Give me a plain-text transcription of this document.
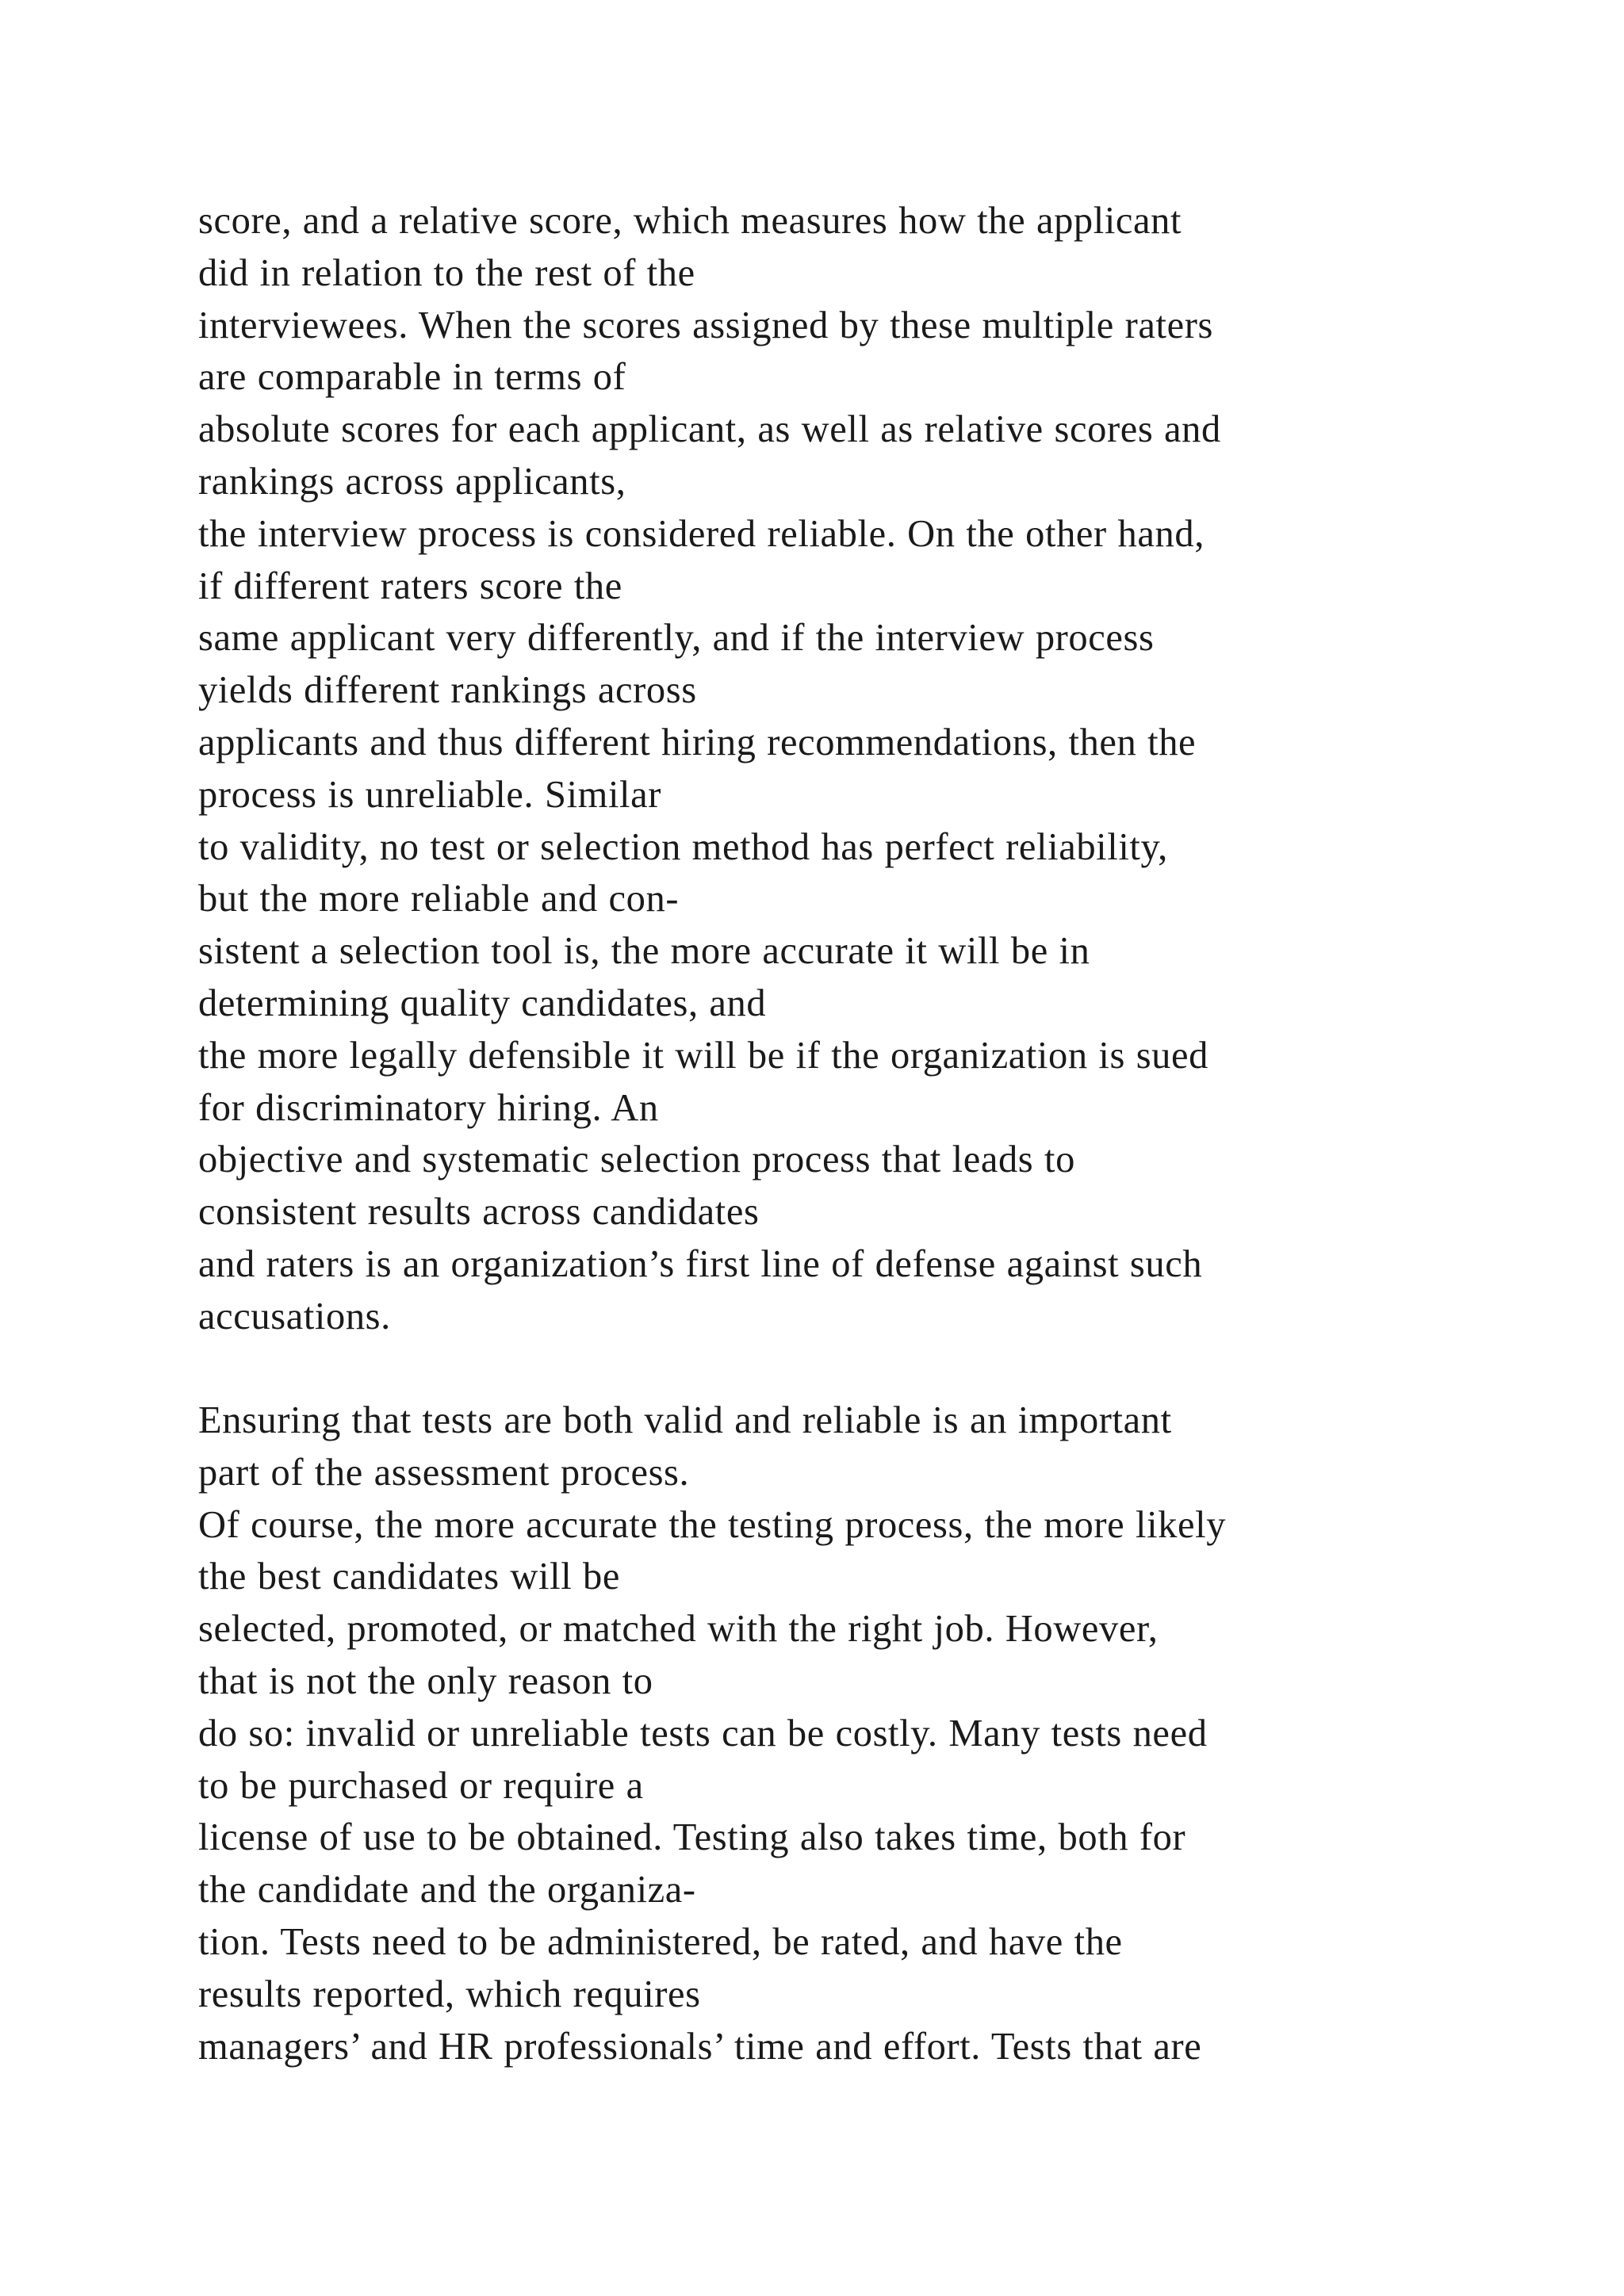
score, and a relative score, which measures how the applicant
did in relation to the rest of the
interviewees. When the scores assigned by these multiple raters
are comparable in terms of
absolute scores for each applicant, as well as relative scores and
rankings across applicants,
the interview process is considered reliable. On the other hand,
if different raters score the
same applicant very differently, and if the interview process
yields different rankings across
applicants and thus different hiring recommendations, then the
process is unreliable. Similar
to validity, no test or selection method has perfect reliability,
but the more reliable and con-
sistent a selection tool is, the more accurate it will be in
determining quality candidates, and
the more legally defensible it will be if the organization is sued
for discriminatory hiring. An
objective and systematic selection process that leads to
consistent results across candidates
and raters is an organization’s first line of defense against such
accusations.
Ensuring that tests are both valid and reliable is an important
part of the assessment process.
Of course, the more accurate the testing process, the more likely
the best candidates will be
selected, promoted, or matched with the right job. However,
that is not the only reason to
do so: invalid or unreliable tests can be costly. Many tests need
to be purchased or require a
license of use to be obtained. Testing also takes time, both for
the candidate and the organiza-
tion. Tests need to be administered, be rated, and have the
results reported, which requires
managers’ and HR professionals’ time and effort. Tests that are
